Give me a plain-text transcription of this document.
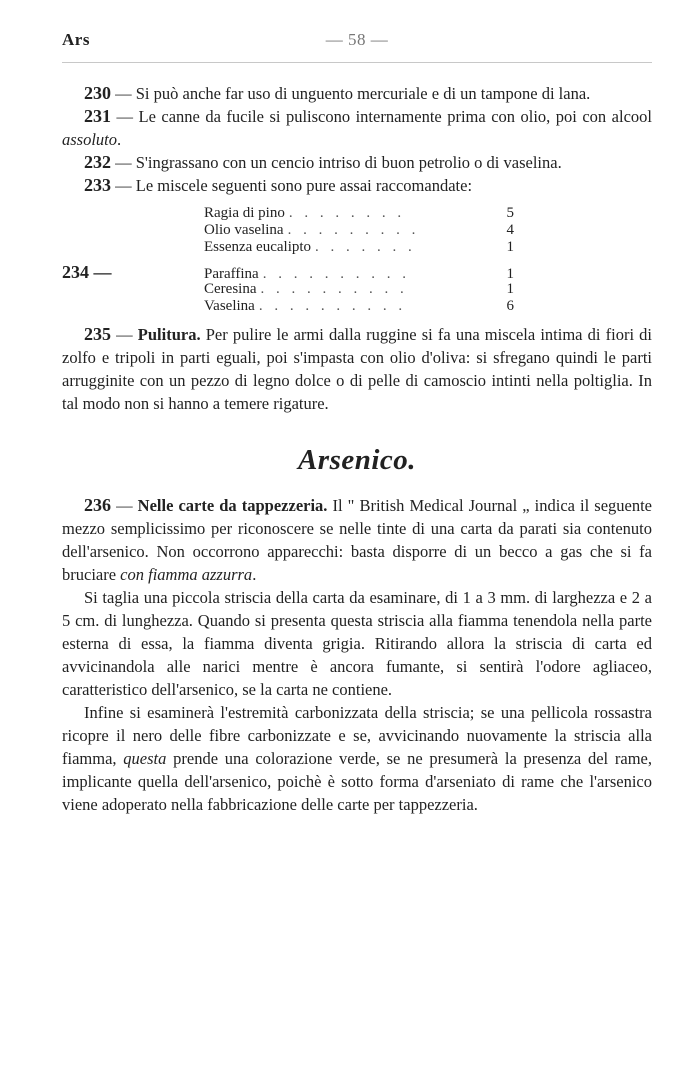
Ars	— 58 —

230 — Si può anche far uso di unguento mercuriale e di un tampone di lana.

231 — Le canne da fucile si puliscono internamente prima con olio, poi con alcool assoluto.

232 — S'ingrassano con un cencio intriso di buon petrolio o di vaselina.

233 — Le miscele seguenti sono pure assai raccomandate:

Ragia di pino . . . . . . . .	5
Olio vaselina . . . . . . . . .	4
Essenza eucalipto . . . . . . .	1
234 —	Paraffina . . . . . . . . . .	1
Ceresina . . . . . . . . . .	1
Vaselina . . . . . . . . . .	6

235 — Pulitura. Per pulire le armi dalla ruggine si fa una miscela intima di fiori di zolfo e tripoli in parti eguali, poi s'impasta con olio d'oliva: si sfregano quindi le parti arrugginite con un pezzo di legno dolce o di pelle di camoscio intinti nella poltiglia. In tal modo non si hanno a temere rigature.

Arsenico.

236 — Nelle carte da tappezzeria. Il " British Medical Journal „ indica il seguente mezzo semplicissimo per riconoscere se nelle tinte di una carta da parati sia contenuto dell'arsenico. Non occorrono apparecchi: basta disporre di un becco a gas che si fa bruciare con fiamma azzurra.

Si taglia una piccola striscia della carta da esaminare, di 1 a 3 mm. di larghezza e 2 a 5 cm. di lunghezza. Quando si presenta questa striscia alla fiamma tenendola nella parte esterna di essa, la fiamma diventa grigia. Ritirando allora la striscia di carta ed avvicinandola alle narici mentre è ancora fumante, si sentirà l'odore agliaceo, caratteristico dell'arsenico, se la carta ne contiene.

Infine si esaminerà l'estremità carbonizzata della striscia; se una pellicola rossastra ricopre il nero delle fibre carbonizzate e se, avvicinando nuovamente la striscia alla fiamma, questa prende una colorazione verde, se ne presumerà la presenza del rame, implicante quella dell'arsenico, poichè è sotto forma d'arseniato di rame che l'arsenico viene adoperato nella fabbricazione delle carte per tappezzeria.
